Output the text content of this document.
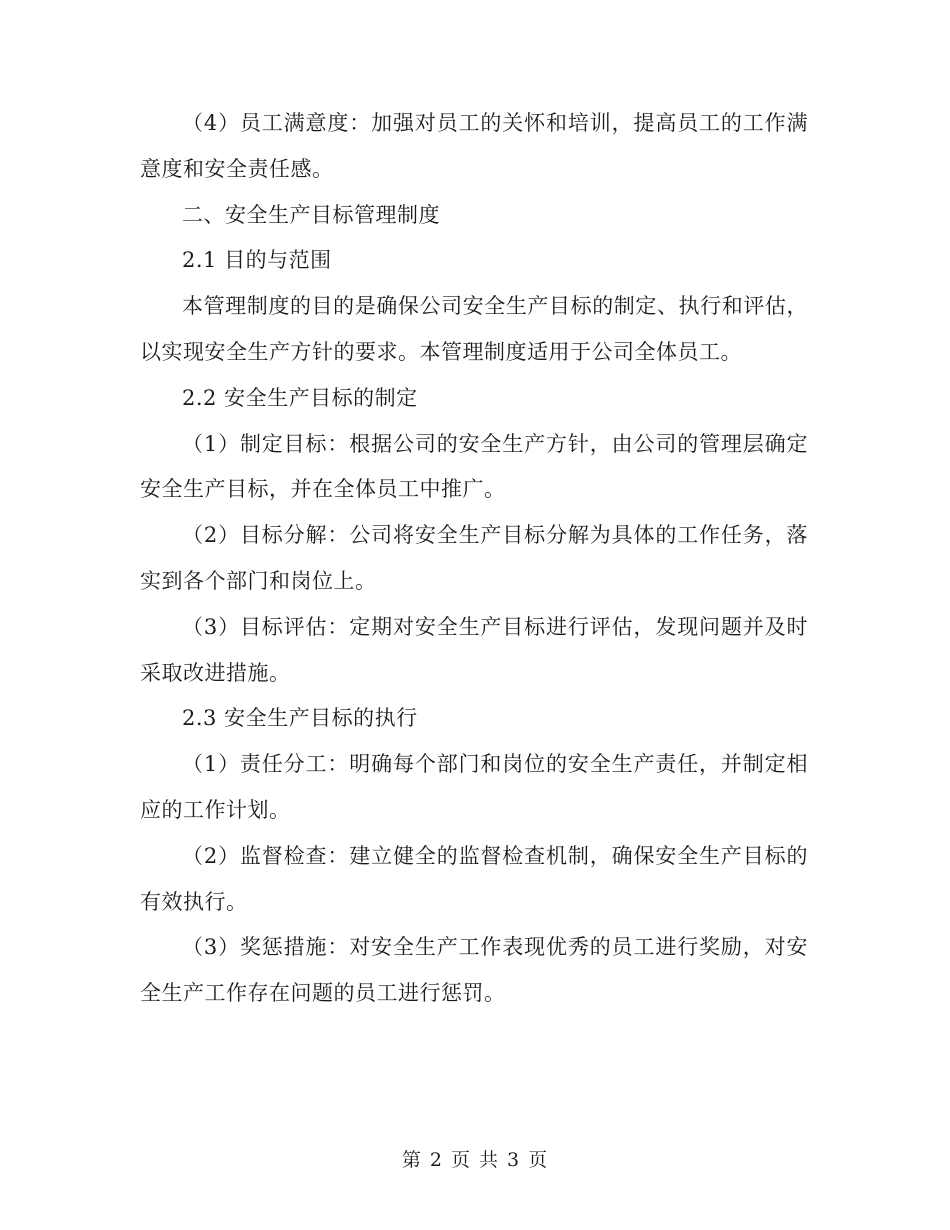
（4）员工满意度：加强对员工的关怀和培训，提高员工的工作满意度和安全责任感。

二、安全生产目标管理制度

2.1 目的与范围

本管理制度的目的是确保公司安全生产目标的制定、执行和评估，以实现安全生产方针的要求。本管理制度适用于公司全体员工。

2.2 安全生产目标的制定

（1）制定目标：根据公司的安全生产方针，由公司的管理层确定安全生产目标，并在全体员工中推广。

（2）目标分解：公司将安全生产目标分解为具体的工作任务，落实到各个部门和岗位上。

（3）目标评估：定期对安全生产目标进行评估，发现问题并及时采取改进措施。

2.3 安全生产目标的执行

（1）责任分工：明确每个部门和岗位的安全生产责任，并制定相应的工作计划。

（2）监督检查：建立健全的监督检查机制，确保安全生产目标的有效执行。

（3）奖惩措施：对安全生产工作表现优秀的员工进行奖励，对安全生产工作存在问题的员工进行惩罚。

第 2 页 共 3 页
